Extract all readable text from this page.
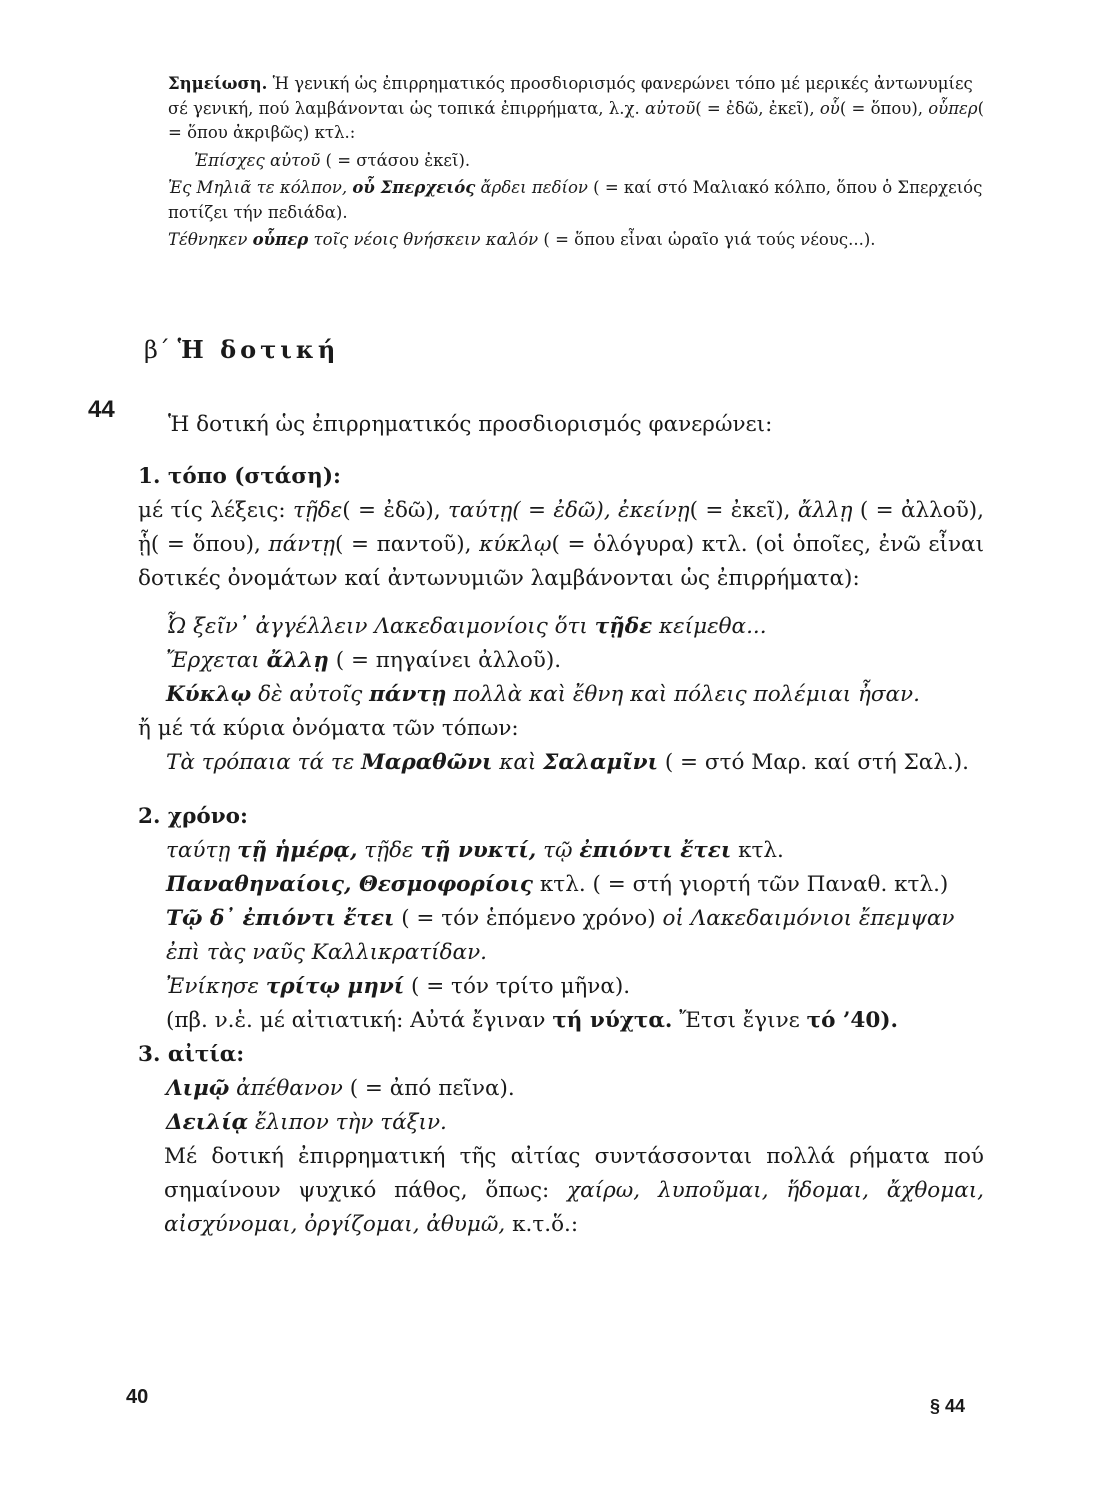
Σημείωση. Ἡ γενική ὡς ἐπιρρηματικός προσδιορισμός φανερώνει τόπο μέ μερικές ἀντωνυμίες σέ γενική, πού λαμβάνονται ὡς τοπικά ἐπιρρήματα, λ.χ. αὐτοῦ( = ἐδῶ, ἐκεῖ), οὗ( = ὅπου), οὗπερ( = ὅπου ἀκριβῶς) κτλ.:

Ἐπίσχες αὐτοῦ ( = στάσου ἐκεῖ).

Ἐς Μηλιᾶ τε κόλπον, οὗ Σπερχειός ἄρδει πεδίον ( = καί στό Μαλιακό κόλπο, ὅπου ὁ Σπερχειός ποτίζει τήν πεδιάδα).

Τέθνηκεν οὗπερ τοῖς νέοις θνήσκειν καλόν ( = ὅπου εἶναι ὡραῖο γιά τούς νέους...).

β΄ Ἡ δοτική
44

Ἡ δοτική ὡς ἐπιρρηματικός προσδιορισμός φανερώνει:

1. τόπο (στάση):

μέ τίς λέξεις: τῇδε( = ἐδῶ), ταύτῃ( = ἐδῶ), ἐκείνῃ( = ἐκεῖ), ἄλλῃ ( = ἀλλοῦ), ᾗ( = ὅπου), πάντῃ( = παντοῦ), κύκλῳ( = ὁλόγυρα) κτλ. (οἱ ὁποῖες, ἐνῶ εἶναι δοτικές ὀνομάτων καί ἀντωνυμιῶν λαμβάνονται ὡς ἐπιρρήματα):

Ὦ ξεῖν᾽ ἀγγέλλειν Λακεδαιμονίοις ὅτι τῇδε κείμεθα...

Ἔρχεται ἄλλῃ ( = πηγαίνει ἀλλοῦ).

Κύκλῳ δὲ αὐτοῖς πάντῃ πολλὰ καὶ ἔθνη καὶ πόλεις πολέμιαι ἦσαν.

ἤ μέ τά κύρια ὀνόματα τῶν τόπων:

Τὰ τρόπαια τά τε Μαραθῶνι καὶ Σαλαμῖνι ( = στό Μαρ. καί στή Σαλ.).

2. χρόνο:

ταύτῃ τῇ ἡμέρᾳ, τῇδε τῇ νυκτί, τῷ ἐπιόντι ἔτει κτλ.

Παναθηναίοις, Θεσμοφορίοις κτλ. ( = στή γιορτή τῶν Παναθ. κτλ.)

Τῷ δ᾽ ἐπιόντι ἔτει ( = τόν ἑπόμενο χρόνο) οἱ Λακεδαιμόνιοι ἔπεμψαν ἐπὶ τὰς ναῦς Καλλικρατίδαν.

Ἐνίκησε τρίτῳ μηνί ( = τόν τρίτο μῆνα).

(πβ. ν.ἑ. μέ αἰτιατική: Αὐτά ἔγιναν τή νύχτα. Ἔτσι ἔγινε τό ’40).

3. αἰτία:

Λιμῷ ἀπέθανον ( = ἀπό πεῖνα).

Δειλίᾳ ἔλιπον τὴν τάξιν.

Μέ δοτική ἐπιρρηματική τῆς αἰτίας συντάσσονται πολλά ρήματα πού σημαίνουν ψυχικό πάθος, ὅπως: χαίρω, λυποῦμαι, ἥδομαι, ἄχθομαι, αἰσχύνομαι, ὀργίζομαι, ἀθυμῶ, κ.τ.ὅ.:

40	§ 44
